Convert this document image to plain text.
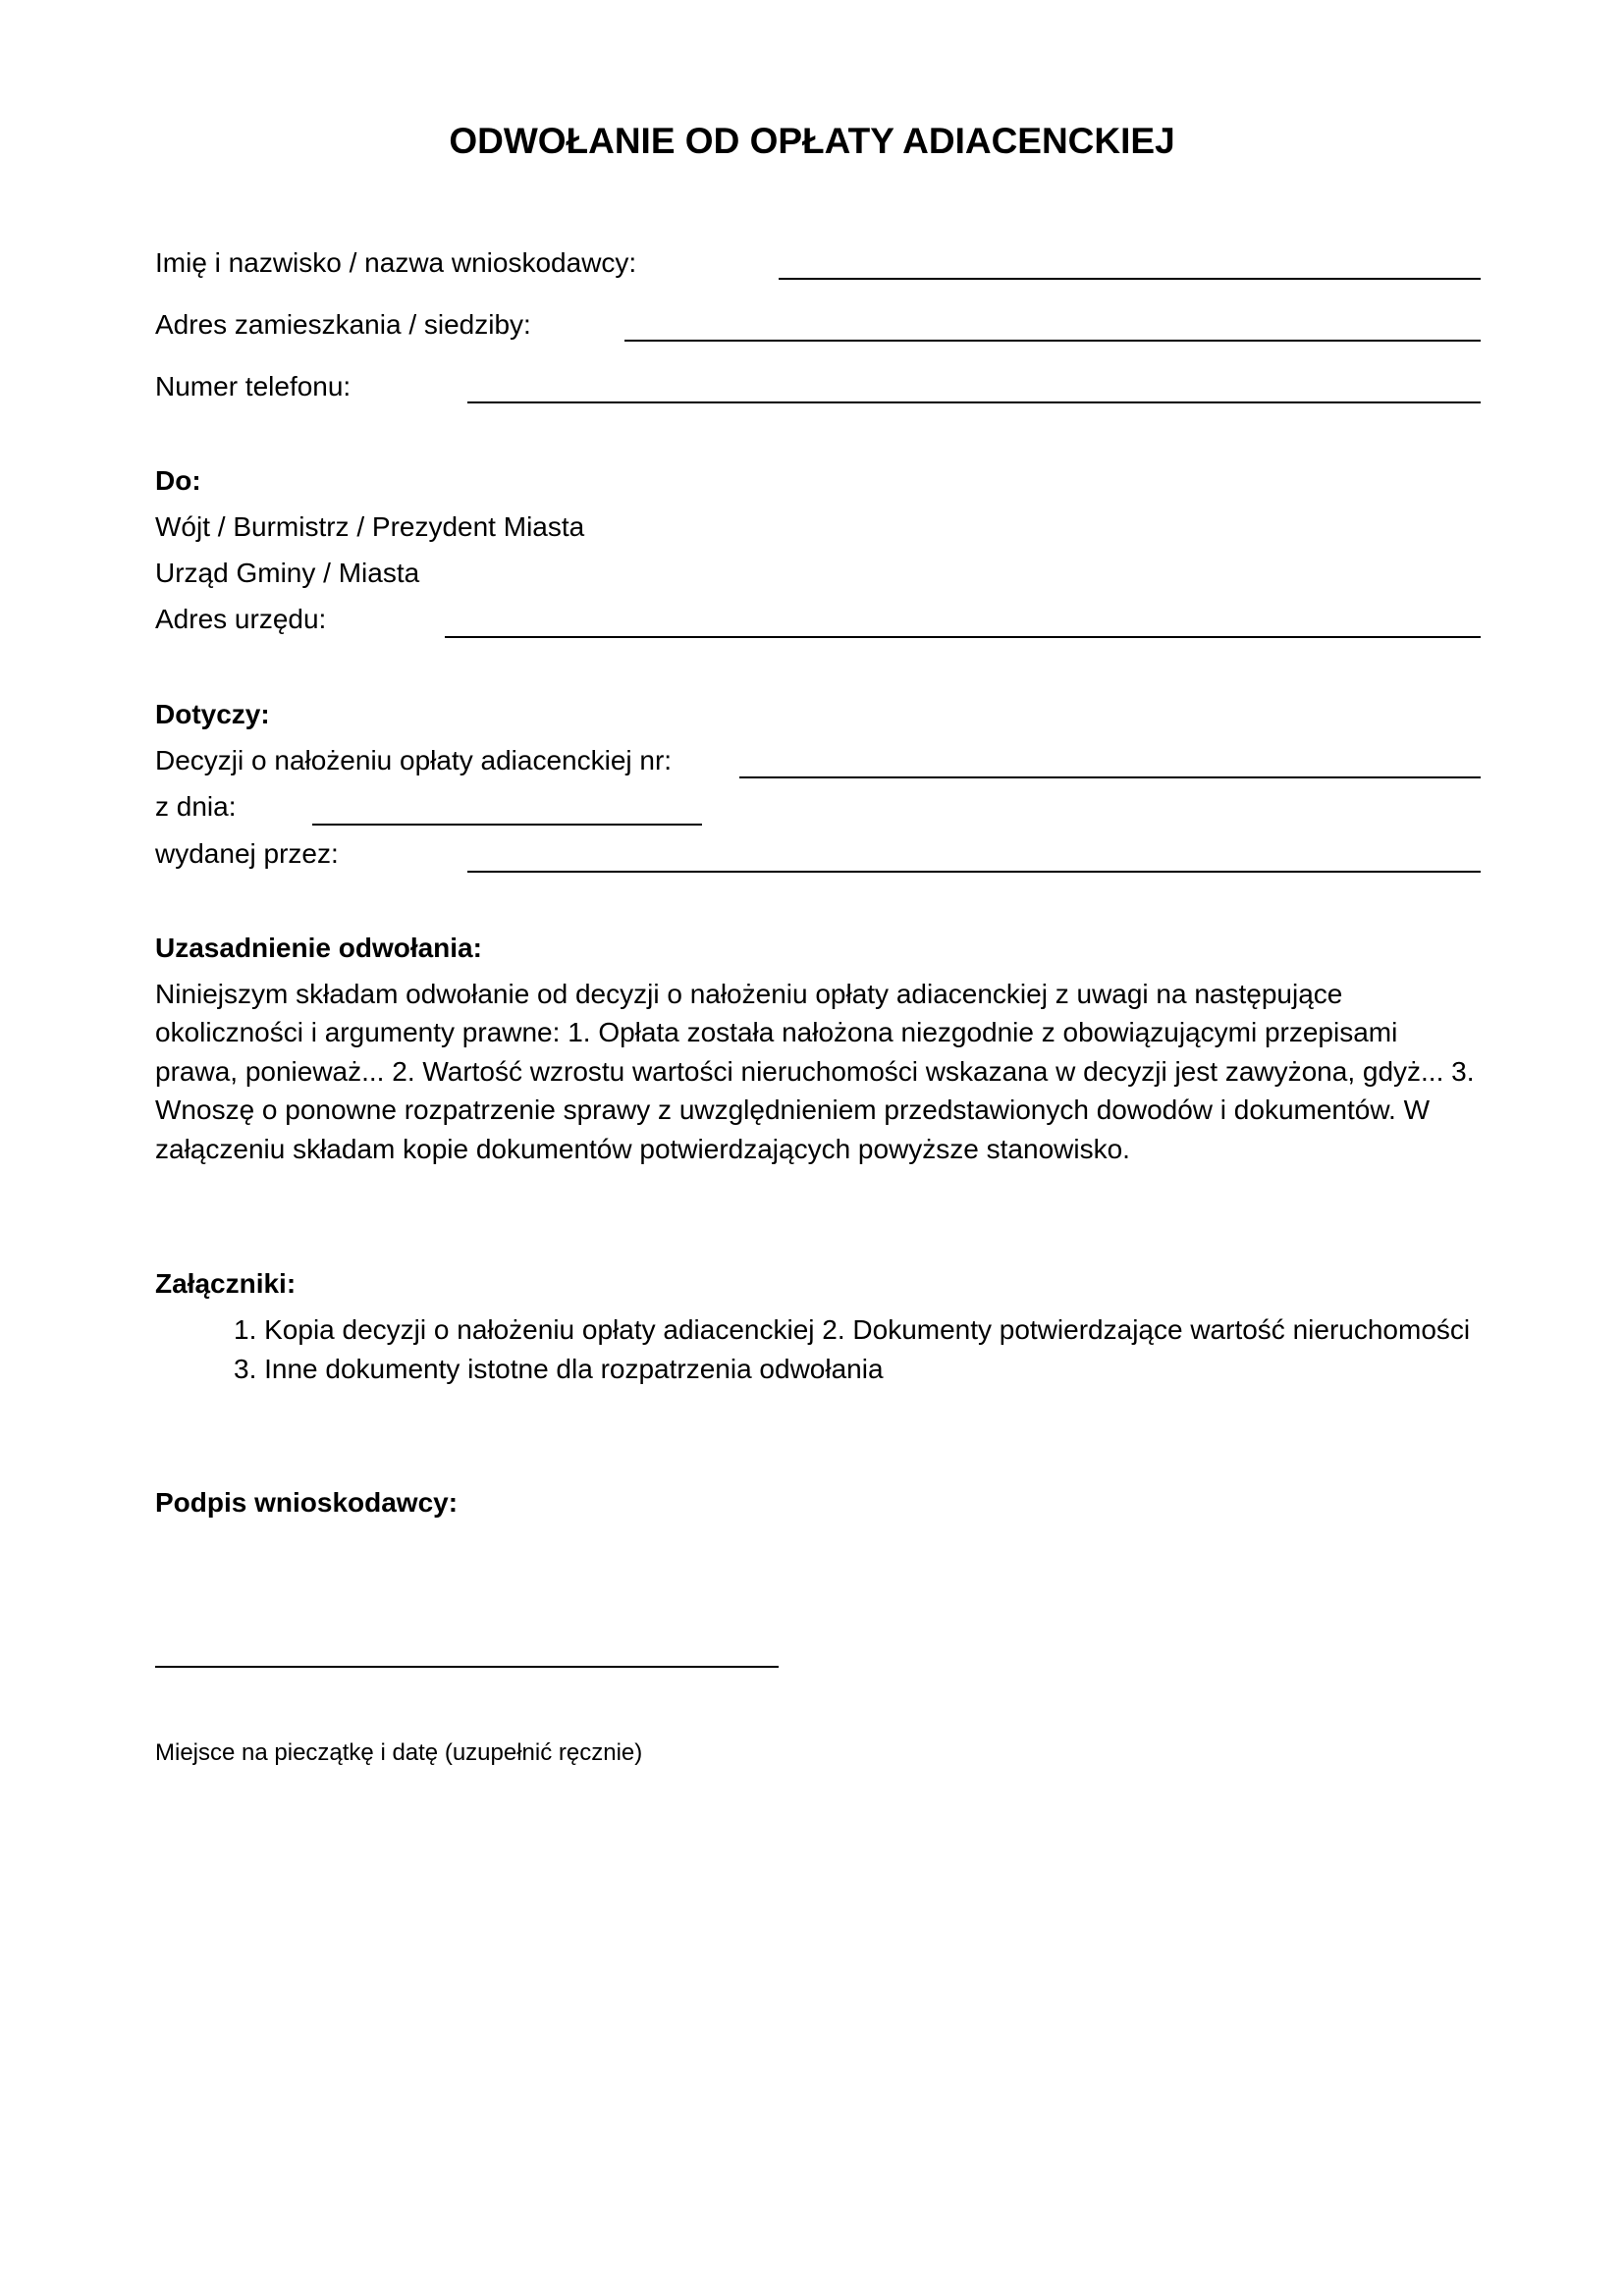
ODWOŁANIE OD OPŁATY ADIACENCKIEJ
Imię i nazwisko / nazwa wnioskodawcy:
Adres zamieszkania / siedziby:
Numer telefonu:
Do:
Wójt / Burmistrz / Prezydent Miasta
Urząd Gminy / Miasta
Adres urzędu:
Dotyczy:
Decyzji o nałożeniu opłaty adiacenckiej nr:
z dnia:
wydanej przez:
Uzasadnienie odwołania:
Niniejszym składam odwołanie od decyzji o nałożeniu opłaty adiacenckiej z uwagi na następujące
okoliczności i argumenty prawne: 1. Opłata została nałożona niezgodnie z obowiązującymi przepisami
prawa, ponieważ... 2. Wartość wzrostu wartości nieruchomości wskazana w decyzji jest zawyżona, gdyż... 3.
Wnoszę o ponowne rozpatrzenie sprawy z uwzględnieniem przedstawionych dowodów i dokumentów. W
załączeniu składam kopie dokumentów potwierdzających powyższe stanowisko.
Załączniki:
1. Kopia decyzji o nałożeniu opłaty adiacenckiej 2. Dokumenty potwierdzające wartość nieruchomości
3. Inne dokumenty istotne dla rozpatrzenia odwołania
Podpis wnioskodawcy:
Miejsce na pieczątkę i datę (uzupełnić ręcznie)
